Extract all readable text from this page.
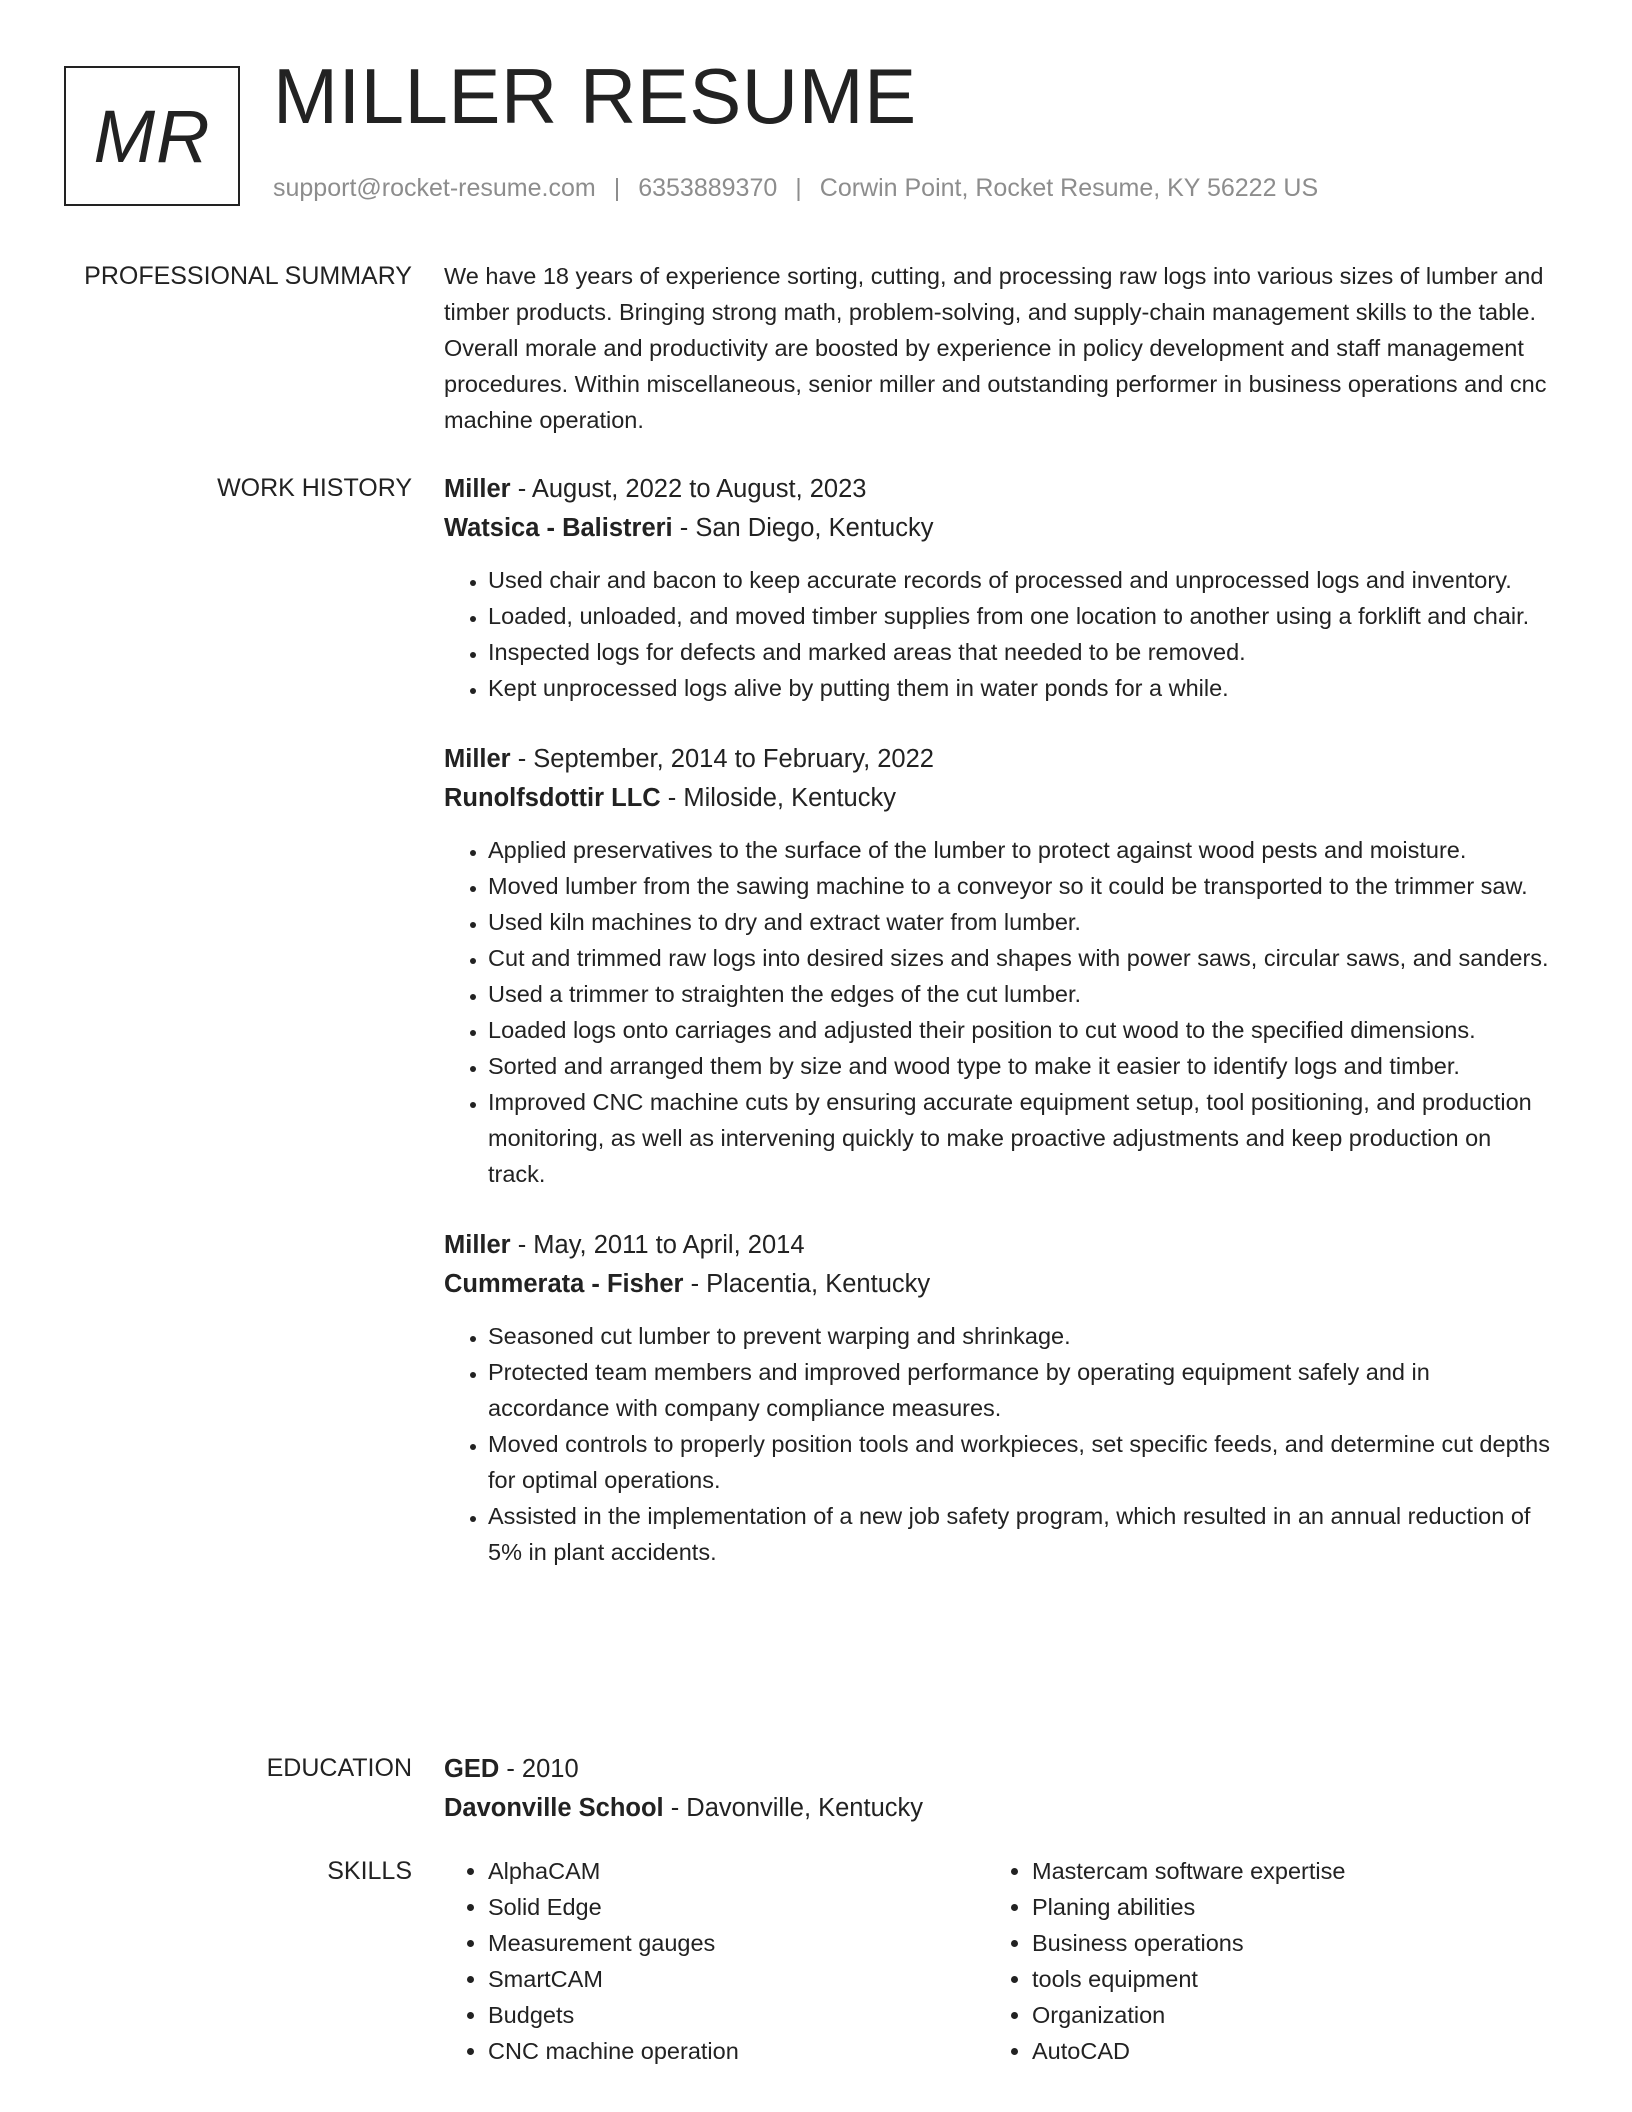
MR MILLER RESUME
support@rocket-resume.com | 6353889370 | Corwin Point, Rocket Resume, KY 56222 US
PROFESSIONAL SUMMARY We have 18 years of experience sorting, cutting, and processing raw logs into various sizes of lumber and timber products. Bringing strong math, problem-solving, and supply-chain management skills to the table. Overall morale and productivity are boosted by experience in policy development and staff management procedures. Within miscellaneous, senior miller and outstanding performer in business operations and cnc machine operation.
WORK HISTORY Miller - August, 2022 to August, 2023
Watsica - Balistreri - San Diego, Kentucky
• Used chair and bacon to keep accurate records of processed and unprocessed logs and inventory.
• Loaded, unloaded, and moved timber supplies from one location to another using a forklift and chair.
• Inspected logs for defects and marked areas that needed to be removed.
• Kept unprocessed logs alive by putting them in water ponds for a while.
Miller - September, 2014 to February, 2022
Runolfsdottir LLC - Miloside, Kentucky
• Applied preservatives to the surface of the lumber to protect against wood pests and moisture.
• Moved lumber from the sawing machine to a conveyor so it could be transported to the trimmer saw.
• Used kiln machines to dry and extract water from lumber.
• Cut and trimmed raw logs into desired sizes and shapes with power saws, circular saws, and sanders.
• Used a trimmer to straighten the edges of the cut lumber.
• Loaded logs onto carriages and adjusted their position to cut wood to the specified dimensions.
• Sorted and arranged them by size and wood type to make it easier to identify logs and timber.
• Improved CNC machine cuts by ensuring accurate equipment setup, tool positioning, and production monitoring, as well as intervening quickly to make proactive adjustments and keep production on track.
Miller - May, 2011 to April, 2014
Cummerata - Fisher - Placentia, Kentucky
• Seasoned cut lumber to prevent warping and shrinkage.
• Protected team members and improved performance by operating equipment safely and in accordance with company compliance measures.
• Moved controls to properly position tools and workpieces, set specific feeds, and determine cut depths for optimal operations.
• Assisted in the implementation of a new job safety program, which resulted in an annual reduction of 5% in plant accidents.
EDUCATION GED - 2010
Davonville School - Davonville, Kentucky
SKILLS
•	AlphaCAM
• Solid Edge
• Measurement gauges
• SmartCAM
• Budgets
• CNC machine operation
• Mastercam software expertise
• Planing abilities
• Business operations
• tools equipment
• Organization
• AutoCAD
